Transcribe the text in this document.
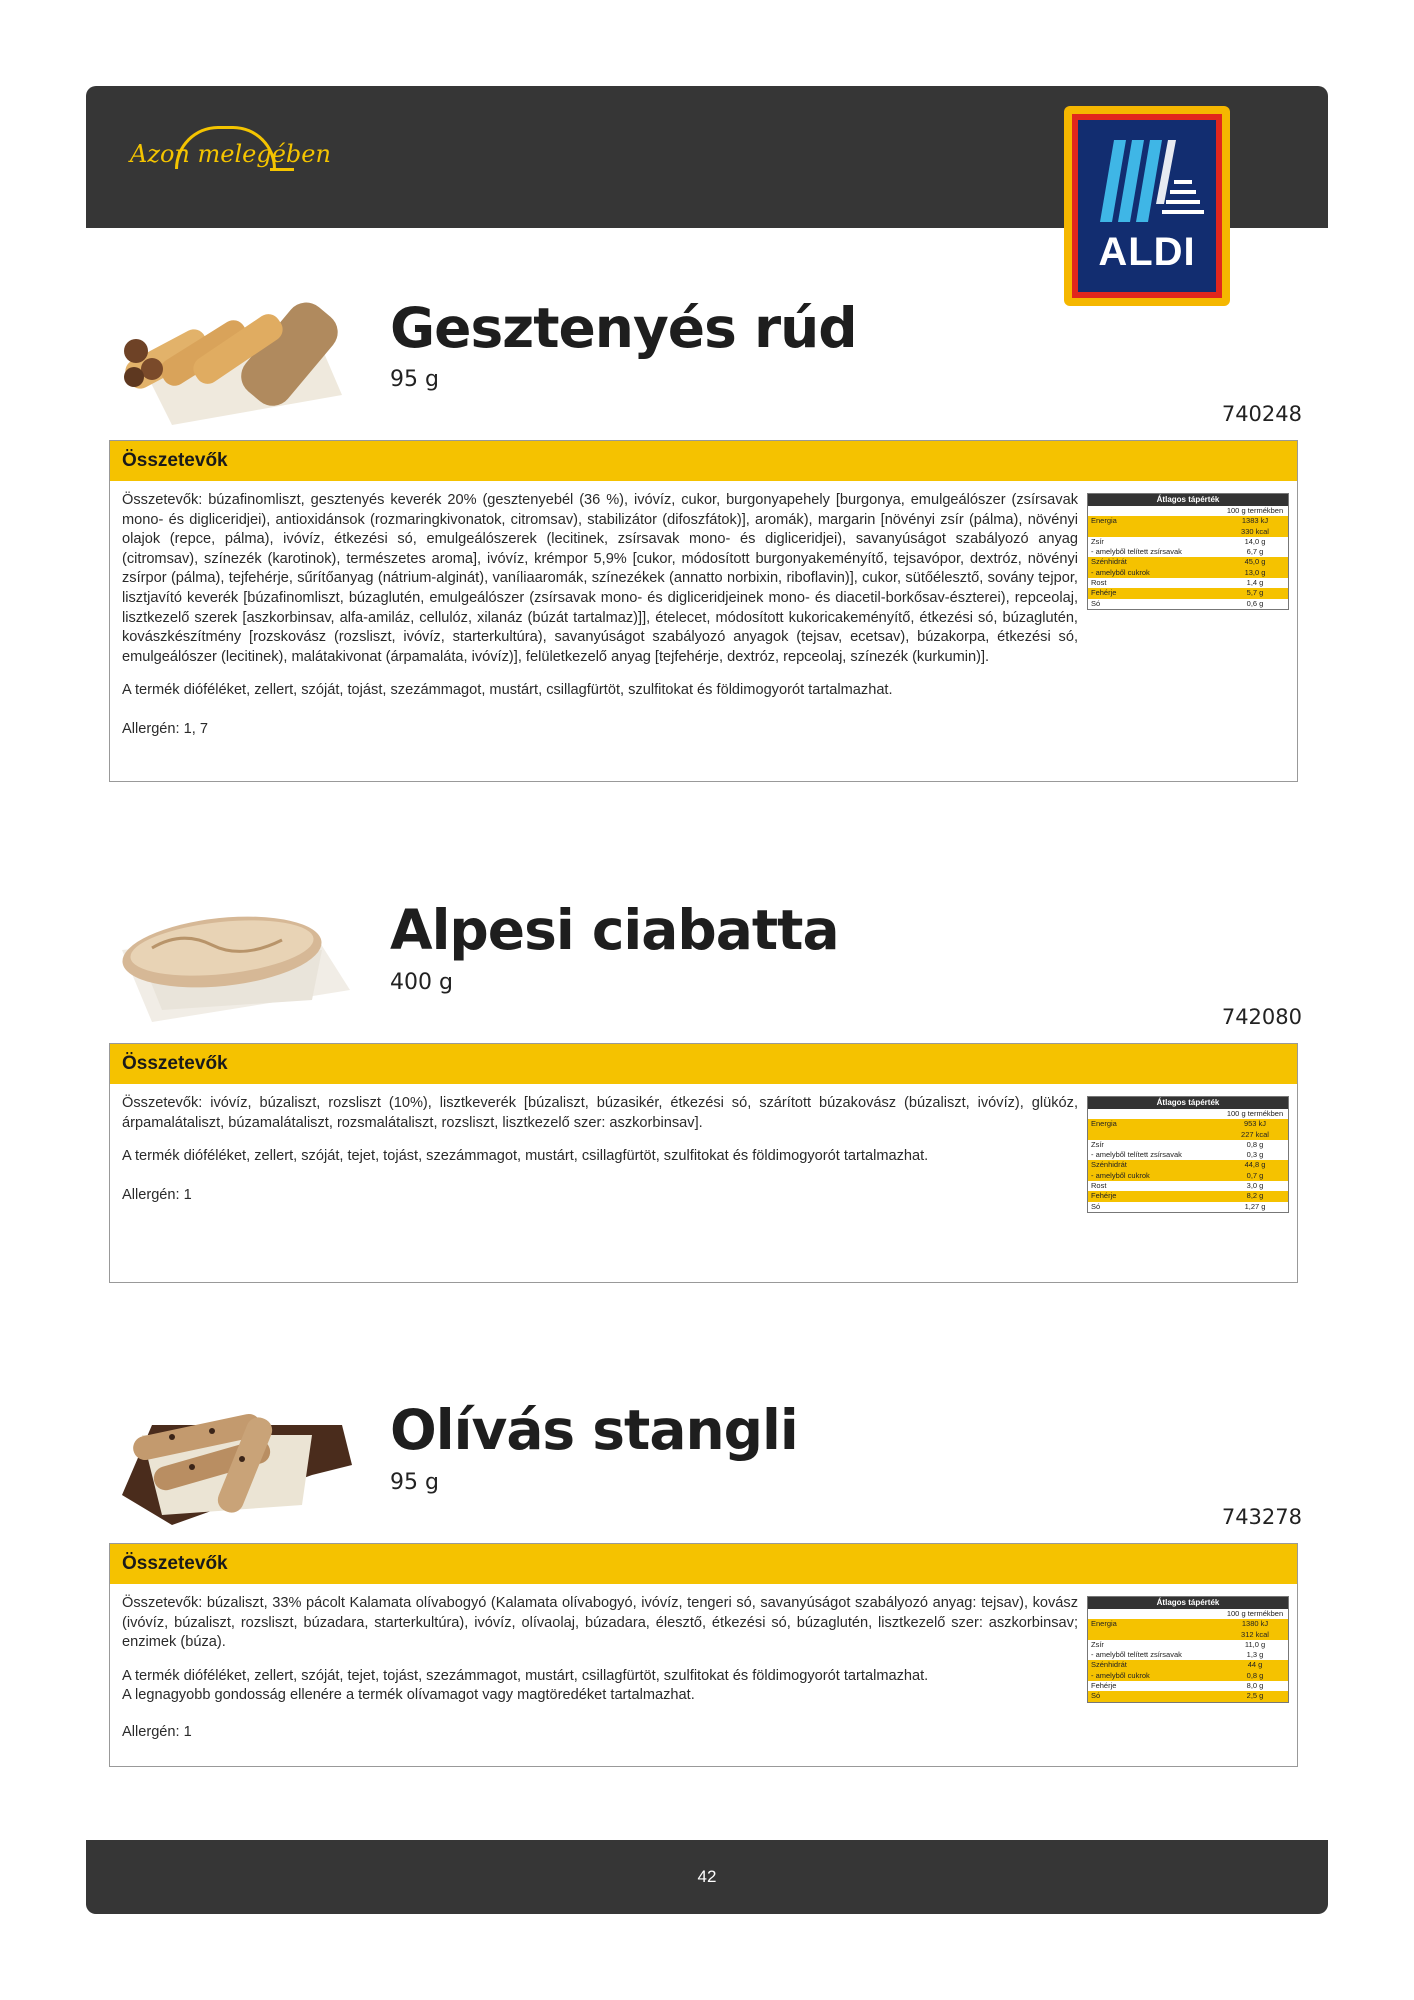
Azon melegében
ALDI
Gesztenyés rúd
95 g
740248
Összetevők
Összetevők: búzafinomliszt, gesztenyés keverék 20% (gesztenyebél (36 %), ivóvíz, cukor, burgonyapehely [burgonya, emulgeálószer (zsírsavak mono- és digliceridjei), antioxidánsok (rozmaringkivonatok, citromsav), stabilizátor (difoszfátok)], aromák), margarin [növényi zsír (pálma), növényi olajok (repce, pálma), ivóvíz, étkezési só, emulgeálószerek (lecitinek, zsírsavak mono- és digliceridjei), savanyúságot szabályozó anyag (citromsav), színezék (karotinok), természetes aroma], ivóvíz, krémpor 5,9% [cukor, módosított burgonyakeményítő, tejsavópor, dextróz, növényi zsírpor (pálma), tejfehérje, sűrítőanyag (nátrium-alginát), vaníliaaromák, színezékek (annatto norbixin, riboflavin)], cukor, sütőélesztő, sovány tejpor, lisztjavító keverék [búzafinomliszt, búzaglutén, emulgeálószer (zsírsavak mono- és digliceridjeinek mono- és diacetil-borkősav-észterei), repceolaj, lisztkezelő szerek [aszkorbinsav, alfa-amiláz, cellulóz, xilanáz (búzát tartalmaz)]], ételecet, módosított kukoricakeményítő, étkezési só, búzaglutén, kovászkészítmény [rozskovász (rozsliszt, ivóvíz, starterkultúra), savanyúságot szabályozó anyagok (tejsav, ecetsav), búzakorpa, étkezési só, emulgeálószer (lecitinek), malátakivonat (árpamaláta, ivóvíz)], felületkezelő anyag [tejfehérje, dextróz, repceolaj, színezék (kurkumin)].
A termék dióféléket, zellert, szóját, tojást, szezámmagot, mustárt, csillagfürtöt, szulfitokat és földimogyorót tartalmazhat.
Allergén: 1, 7
Átlagos tápérték
100 g termékben
Energia	1383 kJ
330 kcal
Zsír	14,0 g
- amelyből telített zsírsavak	6,7 g
Szénhidrát	45,0 g
- amelyből cukrok	13,0 g
Rost	1,4 g
Fehérje	5,7 g
Só	0,6 g
Alpesi ciabatta
400 g
742080
Összetevők
Összetevők: ivóvíz, búzaliszt, rozsliszt (10%), lisztkeverék [búzaliszt, búzasikér, étkezési só, szárított búzakovász (búzaliszt, ivóvíz), glükóz, árpamalátaliszt, búzamalátaliszt, rozsmalátaliszt, rozsliszt, lisztkezelő szer: aszkorbinsav].
A termék dióféléket, zellert, szóját, tejet, tojást, szezámmagot, mustárt, csillagfürtöt, szulfitokat és földimogyorót tartalmazhat.
Allergén: 1
Átlagos tápérték
100 g termékben
Energia	953 kJ
227 kcal
Zsír	0,8 g
- amelyből telített zsírsavak	0,3 g
Szénhidrát	44,8 g
- amelyből cukrok	0,7 g
Rost	3,0 g
Fehérje	8,2 g
Só	1,27 g
Olívás stangli
95 g
743278
Összetevők
Összetevők: búzaliszt, 33% pácolt Kalamata olívabogyó (Kalamata olívabogyó, ivóvíz, tengeri só, savanyúságot szabályozó anyag: tejsav), kovász (ivóvíz, búzaliszt, rozsliszt, búzadara, starterkultúra), ivóvíz, olívaolaj, búzadara, élesztő, étkezési só, búzaglutén, lisztkezelő szer: aszkorbinsav; enzimek (búza).
A termék dióféléket, zellert, szóját, tejet, tojást, szezámmagot, mustárt, csillagfürtöt, szulfitokat és földimogyorót tartalmazhat.
A legnagyobb gondosság ellenére a termék olívamagot vagy magtöredéket tartalmazhat.
Allergén: 1
Átlagos tápérték
100 g termékben
Energia	1380 kJ
312 kcal
Zsír	11,0 g
- amelyből telített zsírsavak	1,3 g
Szénhidrát	44 g
- amelyből cukrok	0,8 g
Fehérje	8,0 g
Só	2,5 g
42
